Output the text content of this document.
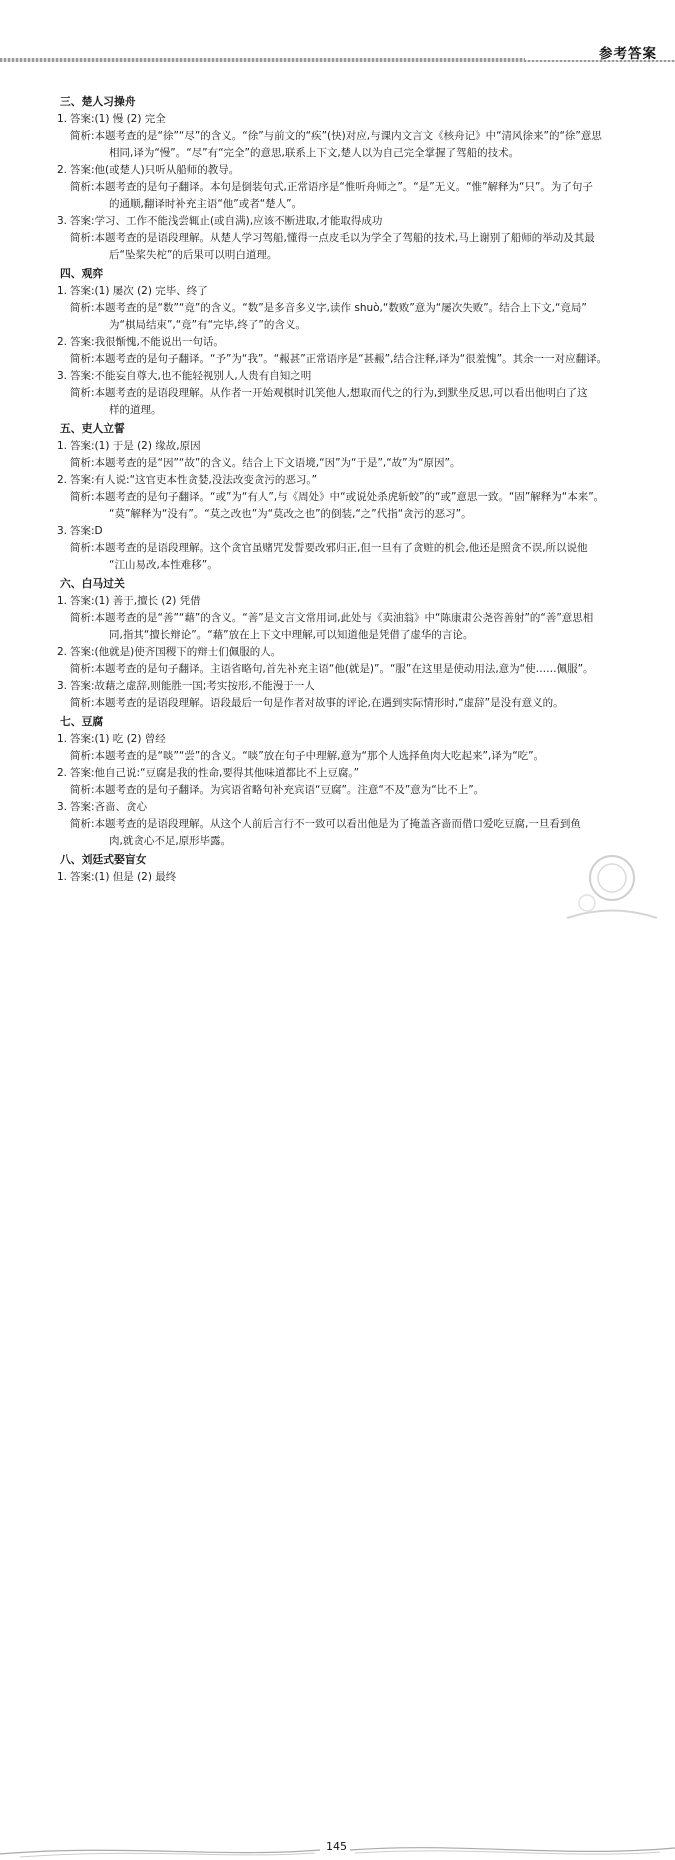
参考答案
三、楚人习操舟
1. 答案:(1) 慢 (2) 完全
简析:本题考查的是“徐”“尽”的含义。“徐”与前文的“疾”(快)对应,与课内文言文《核舟记》中“清风徐来”的“徐”意思
相同,译为“慢”。“尽”有“完全”的意思,联系上下文,楚人以为自己完全掌握了驾船的技术。
2. 答案:他(或楚人)只听从船师的教导。
简析:本题考查的是句子翻译。本句是倒装句式,正常语序是“惟听舟师之”。“是”无义。“惟”解释为“只”。为了句子
的通顺,翻译时补充主语“他”或者“楚人”。
3. 答案:学习、工作不能浅尝辄止(或自满),应该不断进取,才能取得成功
简析:本题考查的是语段理解。从楚人学习驾船,懂得一点皮毛以为学全了驾船的技术,马上谢别了船师的举动及其最
后“坠桨失柁”的后果可以明白道理。
四、观弈
1. 答案:(1) 屡次 (2) 完毕、终了
简析:本题考查的是“数”“竟”的含义。“数”是多音多义字,读作 shuò,“数败”意为“屡次失败”。结合上下文,“竟局”
为“棋局结束”,“竟”有“完毕,终了”的含义。
2. 答案:我很惭愧,不能说出一句话。
简析:本题考查的是句子翻译。“予”为“我”。“赧甚”正常语序是“甚赧”,结合注释,译为“很羞愧”。其余一一对应翻译。
3. 答案:不能妄自尊大,也不能轻视别人,人贵有自知之明
简析:本题考查的是语段理解。从作者一开始观棋时讥笑他人,想取而代之的行为,到默坐反思,可以看出他明白了这
样的道理。
五、吏人立誓
1. 答案:(1) 于是 (2) 缘故,原因
简析:本题考查的是“因”“故”的含义。结合上下文语境,“因”为“于是”,“故”为“原因”。
2. 答案:有人说:“这官吏本性贪婪,没法改变贪污的恶习。”
简析:本题考查的是句子翻译。“或”为“有人”,与《周处》中“或说处杀虎斩蛟”的“或”意思一致。“固”解释为“本来”。
“莫”解释为“没有”。“莫之改也”为“莫改之也”的倒装,“之”代指“贪污的恶习”。
3. 答案:D
简析:本题考查的是语段理解。这个贪官虽赌咒发誓要改邪归正,但一旦有了贪赃的机会,他还是照贪不误,所以说他
“江山易改,本性难移”。
六、白马过关
1. 答案:(1) 善于,擅长 (2) 凭借
简析:本题考查的是“善”“藉”的含义。“善”是文言文常用词,此处与《卖油翁》中“陈康肃公尧咨善射”的“善”意思相
同,指其“擅长辩论”。“藉”放在上下文中理解,可以知道他是凭借了虚华的言论。
2. 答案:(他就是)使齐国稷下的辩士们佩服的人。
简析:本题考查的是句子翻译。主语省略句,首先补充主语“他(就是)”。“服”在这里是使动用法,意为“使……佩服”。
3. 答案:故藉之虚辞,则能胜一国;考实按形,不能漫于一人
简析:本题考查的是语段理解。语段最后一句是作者对故事的评论,在遇到实际情形时,“虚辞”是没有意义的。
七、豆腐
1. 答案:(1) 吃 (2) 曾经
简析:本题考查的是“啖”“尝”的含义。“啖”放在句子中理解,意为“那个人选择鱼肉大吃起来”,译为“吃”。
2. 答案:他自己说:“豆腐是我的性命,要得其他味道都比不上豆腐。”
简析:本题考查的是句子翻译。为宾语省略句补充宾语“豆腐”。注意“不及”意为“比不上”。
3. 答案:吝啬、贪心
简析:本题考查的是语段理解。从这个人前后言行不一致可以看出他是为了掩盖吝啬而借口爱吃豆腐,一旦看到鱼
肉,就贪心不足,原形毕露。
八、刘廷式娶盲女
1. 答案:(1) 但是 (2) 最终
145
